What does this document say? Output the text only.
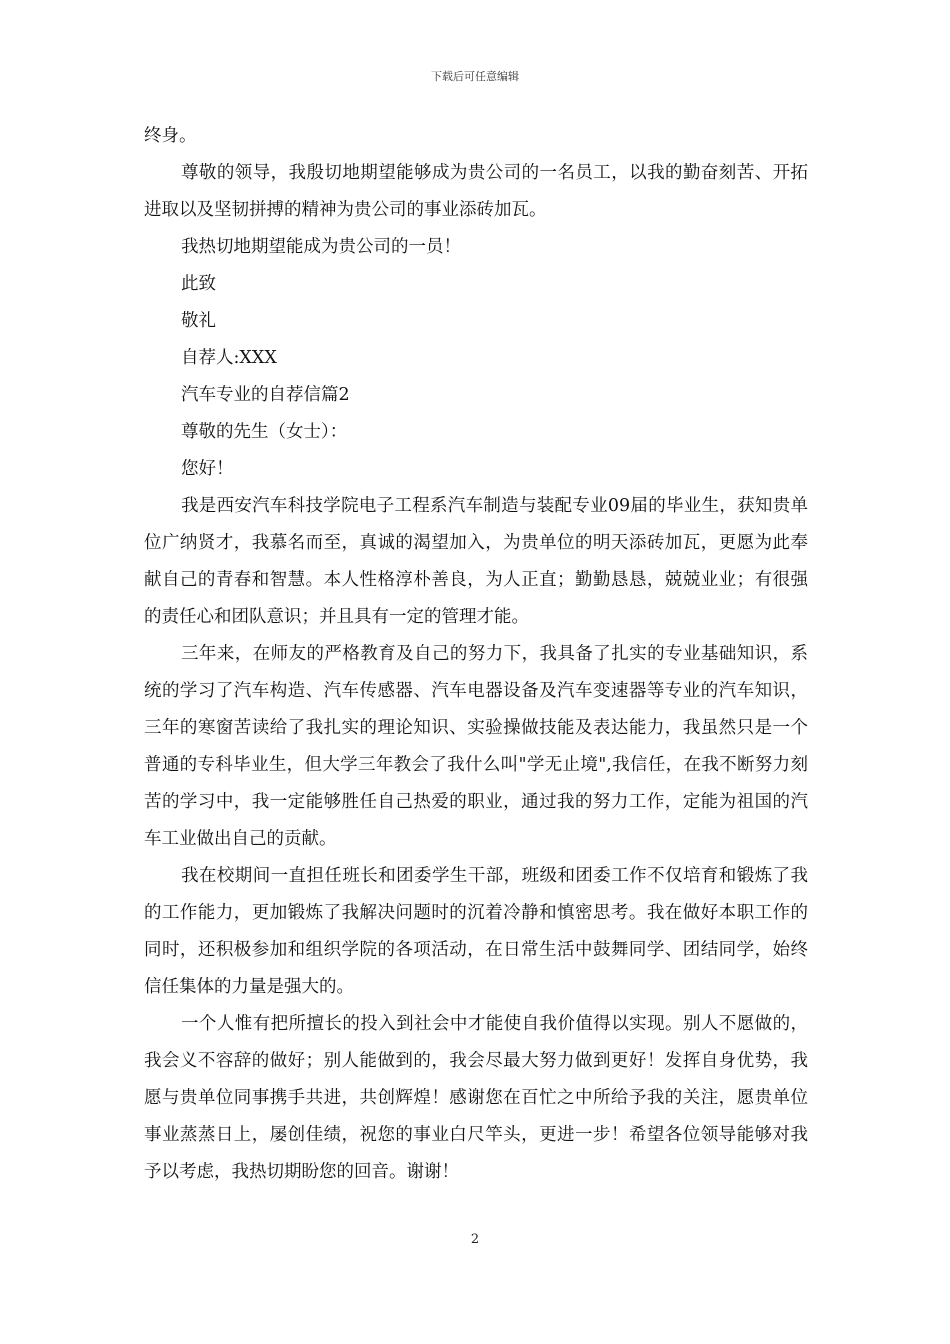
下载后可任意编辑

终身。

尊敬的领导，我殷切地期望能够成为贵公司的一名员工，以我的勤奋刻苦、开拓进取以及坚韧拼搏的精神为贵公司的事业添砖加瓦。

我热切地期望能成为贵公司的一员！

此致

敬礼

自荐人:XXX

汽车专业的自荐信篇2

尊敬的先生（女士）：

您好！

我是西安汽车科技学院电子工程系汽车制造与装配专业09届的毕业生，获知贵单位广纳贤才，我慕名而至，真诚的渴望加入，为贵单位的明天添砖加瓦，更愿为此奉献自己的青春和智慧。本人性格淳朴善良，为人正直；勤勤恳恳，兢兢业业；有很强的责任心和团队意识；并且具有一定的管理才能。

三年来，在师友的严格教育及自己的努力下，我具备了扎实的专业基础知识，系统的学习了汽车构造、汽车传感器、汽车电器设备及汽车变速器等专业的汽车知识，三年的寒窗苦读给了我扎实的理论知识、实验操做技能及表达能力，我虽然只是一个普通的专科毕业生，但大学三年教会了我什么叫"学无止境",我信任，在我不断努力刻苦的学习中，我一定能够胜任自己热爱的职业，通过我的努力工作，定能为祖国的汽车工业做出自己的贡献。

我在校期间一直担任班长和团委学生干部，班级和团委工作不仅培育和锻炼了我的工作能力，更加锻炼了我解决问题时的沉着冷静和慎密思考。我在做好本职工作的同时，还积极参加和组织学院的各项活动，在日常生活中鼓舞同学、团结同学，始终信任集体的力量是强大的。

一个人惟有把所擅长的投入到社会中才能使自我价值得以实现。别人不愿做的，我会义不容辞的做好；别人能做到的，我会尽最大努力做到更好！发挥自身优势，我愿与贵单位同事携手共进，共创辉煌！感谢您在百忙之中所给予我的关注，愿贵单位事业蒸蒸日上，屡创佳绩，祝您的事业白尺竿头，更进一步！希望各位领导能够对我予以考虑，我热切期盼您的回音。谢谢！

2
